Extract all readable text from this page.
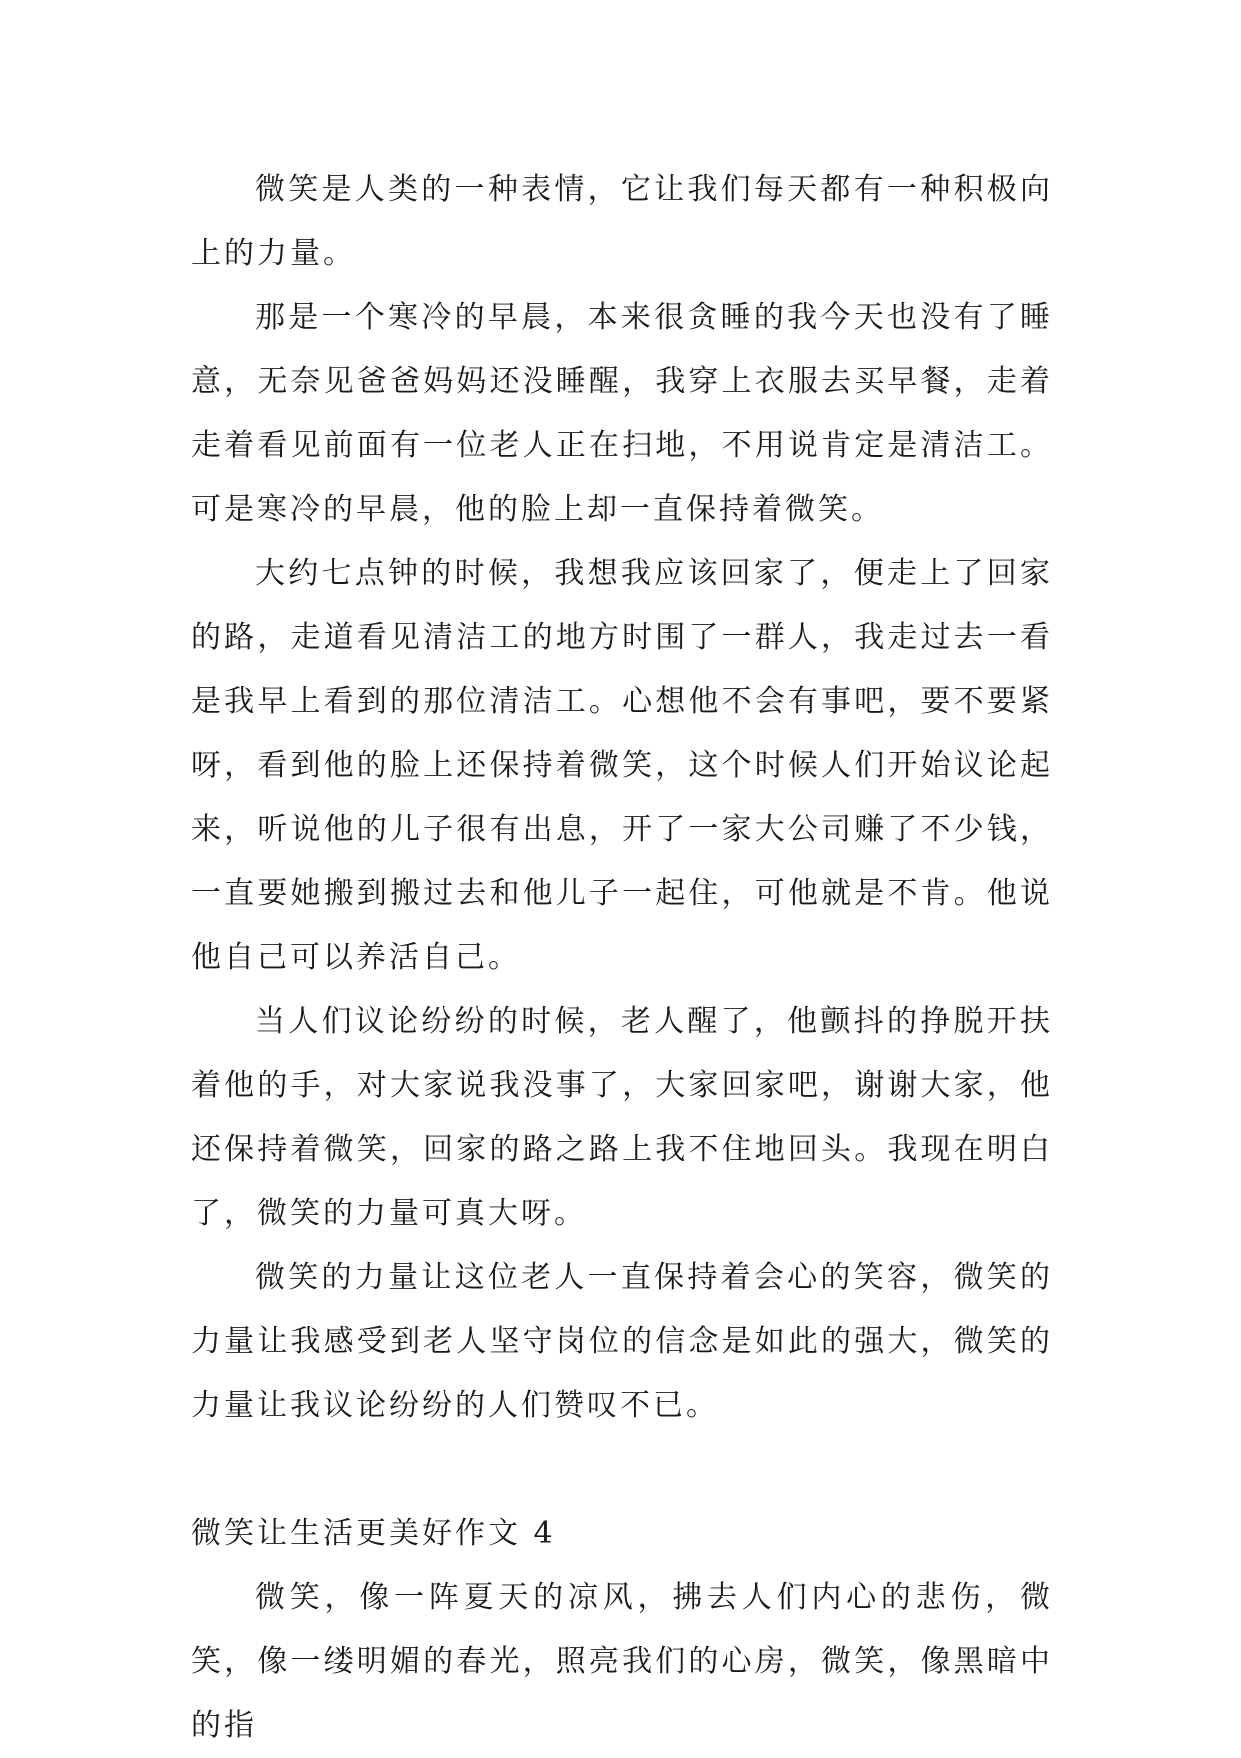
微笑是人类的一种表情，它让我们每天都有一种积极向上的力量。

那是一个寒冷的早晨，本来很贪睡的我今天也没有了睡意，无奈见爸爸妈妈还没睡醒，我穿上衣服去买早餐，走着走着看见前面有一位老人正在扫地，不用说肯定是清洁工。可是寒冷的早晨，他的脸上却一直保持着微笑。

大约七点钟的时候，我想我应该回家了，便走上了回家的路，走道看见清洁工的地方时围了一群人，我走过去一看是我早上看到的那位清洁工。心想他不会有事吧，要不要紧呀，看到他的脸上还保持着微笑，这个时候人们开始议论起来，听说他的儿子很有出息，开了一家大公司赚了不少钱，一直要她搬到搬过去和他儿子一起住，可他就是不肯。他说他自己可以养活自己。

当人们议论纷纷的时候，老人醒了，他颤抖的挣脱开扶着他的手，对大家说我没事了，大家回家吧，谢谢大家，他还保持着微笑，回家的路之路上我不住地回头。我现在明白了，微笑的力量可真大呀。

微笑的力量让这位老人一直保持着会心的笑容，微笑的力量让我感受到老人坚守岗位的信念是如此的强大，微笑的力量让我议论纷纷的人们赞叹不已。

微笑让生活更美好作文 4

微笑，像一阵夏天的凉风，拂去人们内心的悲伤，微笑，像一缕明媚的春光，照亮我们的心房，微笑，像黑暗中的指
